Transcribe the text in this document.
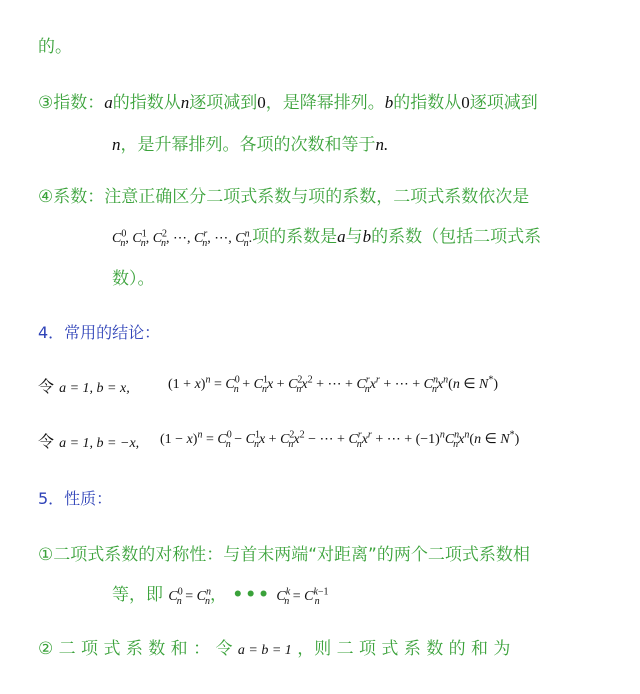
的。
③指数：a的指数从n逐项减到0，是降幂排列。b的指数从0逐项减到
n，是升幂排列。各项的次数和等于n.
④系数：注意正确区分二项式系数与项的系数，二项式系数依次是
$C^0_n$, $C^1_n$, $C^2_n$, ⋯, $C^r_n$, ⋯, $C^n_n$.项的系数是a与b的系数（包括二项式系
数）。
4．常用的结论：
令 a = 1, b = x,	$(1 + x)^n = C^0_n + C^1_nx + C^2_nx^2$ + ⋯ + $C^r_nx^r$ + ⋯ + $C^n_nx^n(n$ ∈ N*)
令 a = 1, b = −x, $(1 - x)^n = C^0_n - C^1_nx + C^2_nx^2$ − ⋯ + $C^r_nx^r$ + ⋯ + $(-1)^nC^n_nx^n(n$ ∈ N*)
5．性质：
①二项式系数的对称性：与首末两端“对距离”的两个二项式系数相
等，即 $C^0_n = C^n_n$， ••• $C^k_n = C^{k-1}_n$
② 二 项 式 系 数 和 ： 令 a = b = 1 ，则 二 项 式 系 数 的 和 为
